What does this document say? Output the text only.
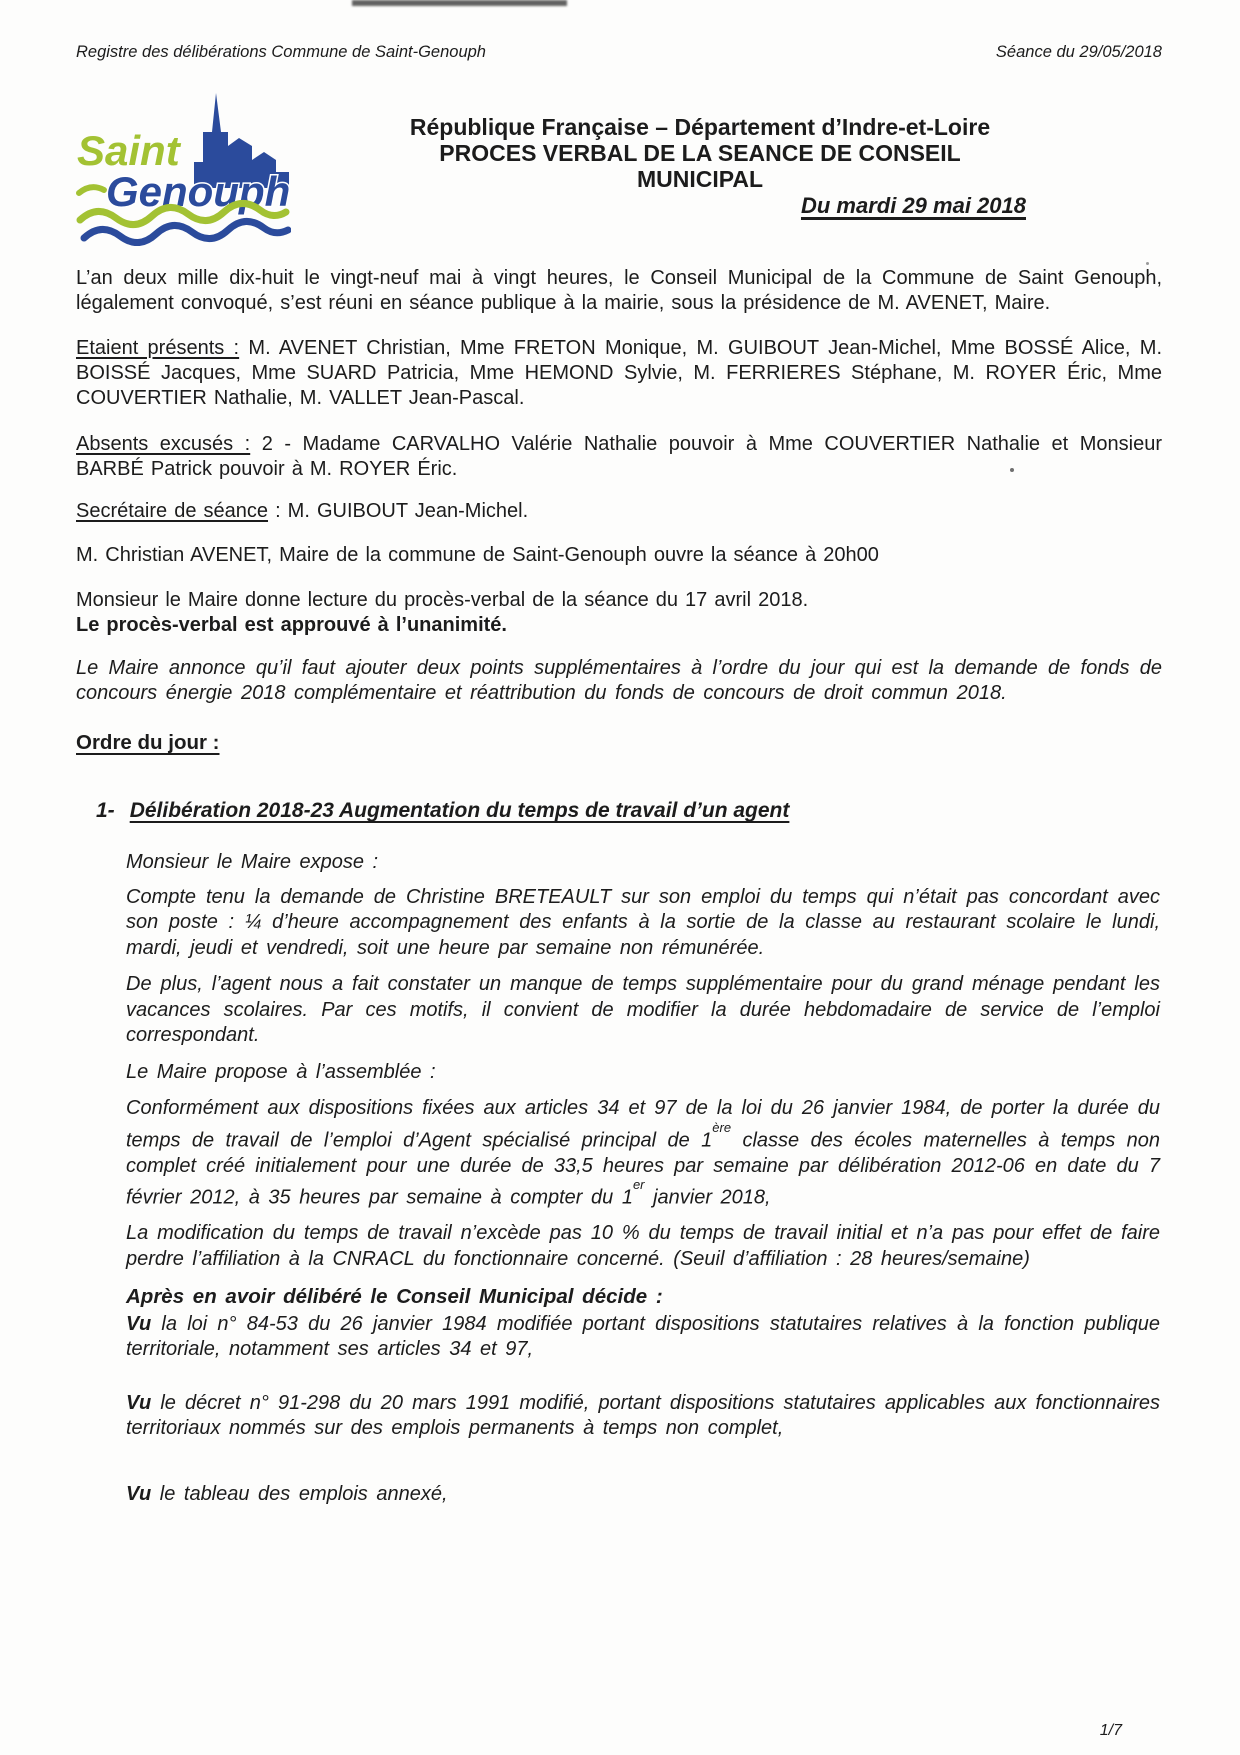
Registre des délibérations Commune de Saint-Genouph	Séance du 29/05/2018
Saint
Genouph
République Française – Département d’Indre-et-Loire
PROCES VERBAL DE LA SEANCE DE CONSEIL MUNICIPAL
Du mardi 29 mai 2018

L’an deux mille dix-huit le vingt-neuf mai à vingt heures, le Conseil Municipal de la Commune de Saint Genouph, légalement convoqué, s’est réuni en séance publique à la mairie, sous la présidence de M. AVENET, Maire.

Etaient présents : M. AVENET Christian, Mme FRETON Monique, M. GUIBOUT Jean-Michel, Mme BOSSÉ Alice, M. BOISSÉ Jacques, Mme SUARD Patricia, Mme HEMOND Sylvie, M. FERRIERES Stéphane, M. ROYER Éric, Mme COUVERTIER Nathalie, M. VALLET Jean-Pascal.

Absents excusés : 2 - Madame CARVALHO Valérie Nathalie pouvoir à Mme COUVERTIER Nathalie et Monsieur BARBÉ Patrick pouvoir à M. ROYER Éric.

Secrétaire de séance : M. GUIBOUT Jean-Michel.

M. Christian AVENET, Maire de la commune de Saint-Genouph ouvre la séance à 20h00

Monsieur le Maire donne lecture du procès-verbal de la séance du 17 avril 2018.
Le procès-verbal est approuvé à l’unanimité.

Le Maire annonce qu’il faut ajouter deux points supplémentaires à l’ordre du jour qui est la demande de fonds de concours énergie 2018 complémentaire et réattribution du fonds de concours de droit commun 2018.

Ordre du jour :
1- Délibération 2018-23 Augmentation du temps de travail d’un agent

Monsieur le Maire expose :

Compte tenu la demande de Christine BRETEAULT sur son emploi du temps qui n’était pas concordant avec son poste : ¼ d’heure accompagnement des enfants à la sortie de la classe au restaurant scolaire le lundi, mardi, jeudi et vendredi, soit une heure par semaine non rémunérée.

De plus, l’agent nous a fait constater un manque de temps supplémentaire pour du grand ménage pendant les vacances scolaires. Par ces motifs, il convient de modifier la durée hebdomadaire de service de l’emploi correspondant.

Le Maire propose à l’assemblée :

Conformément aux dispositions fixées aux articles 34 et 97 de la loi du 26 janvier 1984, de porter la durée du temps de travail de l’emploi d’Agent spécialisé principal de 1ère classe des écoles maternelles à temps non complet créé initialement pour une durée de 33,5 heures par semaine par délibération 2012-06 en date du 7 février 2012, à 35 heures par semaine à compter du 1er janvier 2018,

La modification du temps de travail n’excède pas 10 % du temps de travail initial et n’a pas pour effet de faire perdre l’affiliation à la CNRACL du fonctionnaire concerné. (Seuil d’affiliation : 28 heures/semaine)

Après en avoir délibéré le Conseil Municipal décide :

Vu la loi n° 84-53 du 26 janvier 1984 modifiée portant dispositions statutaires relatives à la fonction publique territoriale, notamment ses articles 34 et 97,

Vu le décret n° 91-298 du 20 mars 1991 modifié, portant dispositions statutaires applicables aux fonctionnaires territoriaux nommés sur des emplois permanents à temps non complet,

Vu le tableau des emplois annexé,

1/7
